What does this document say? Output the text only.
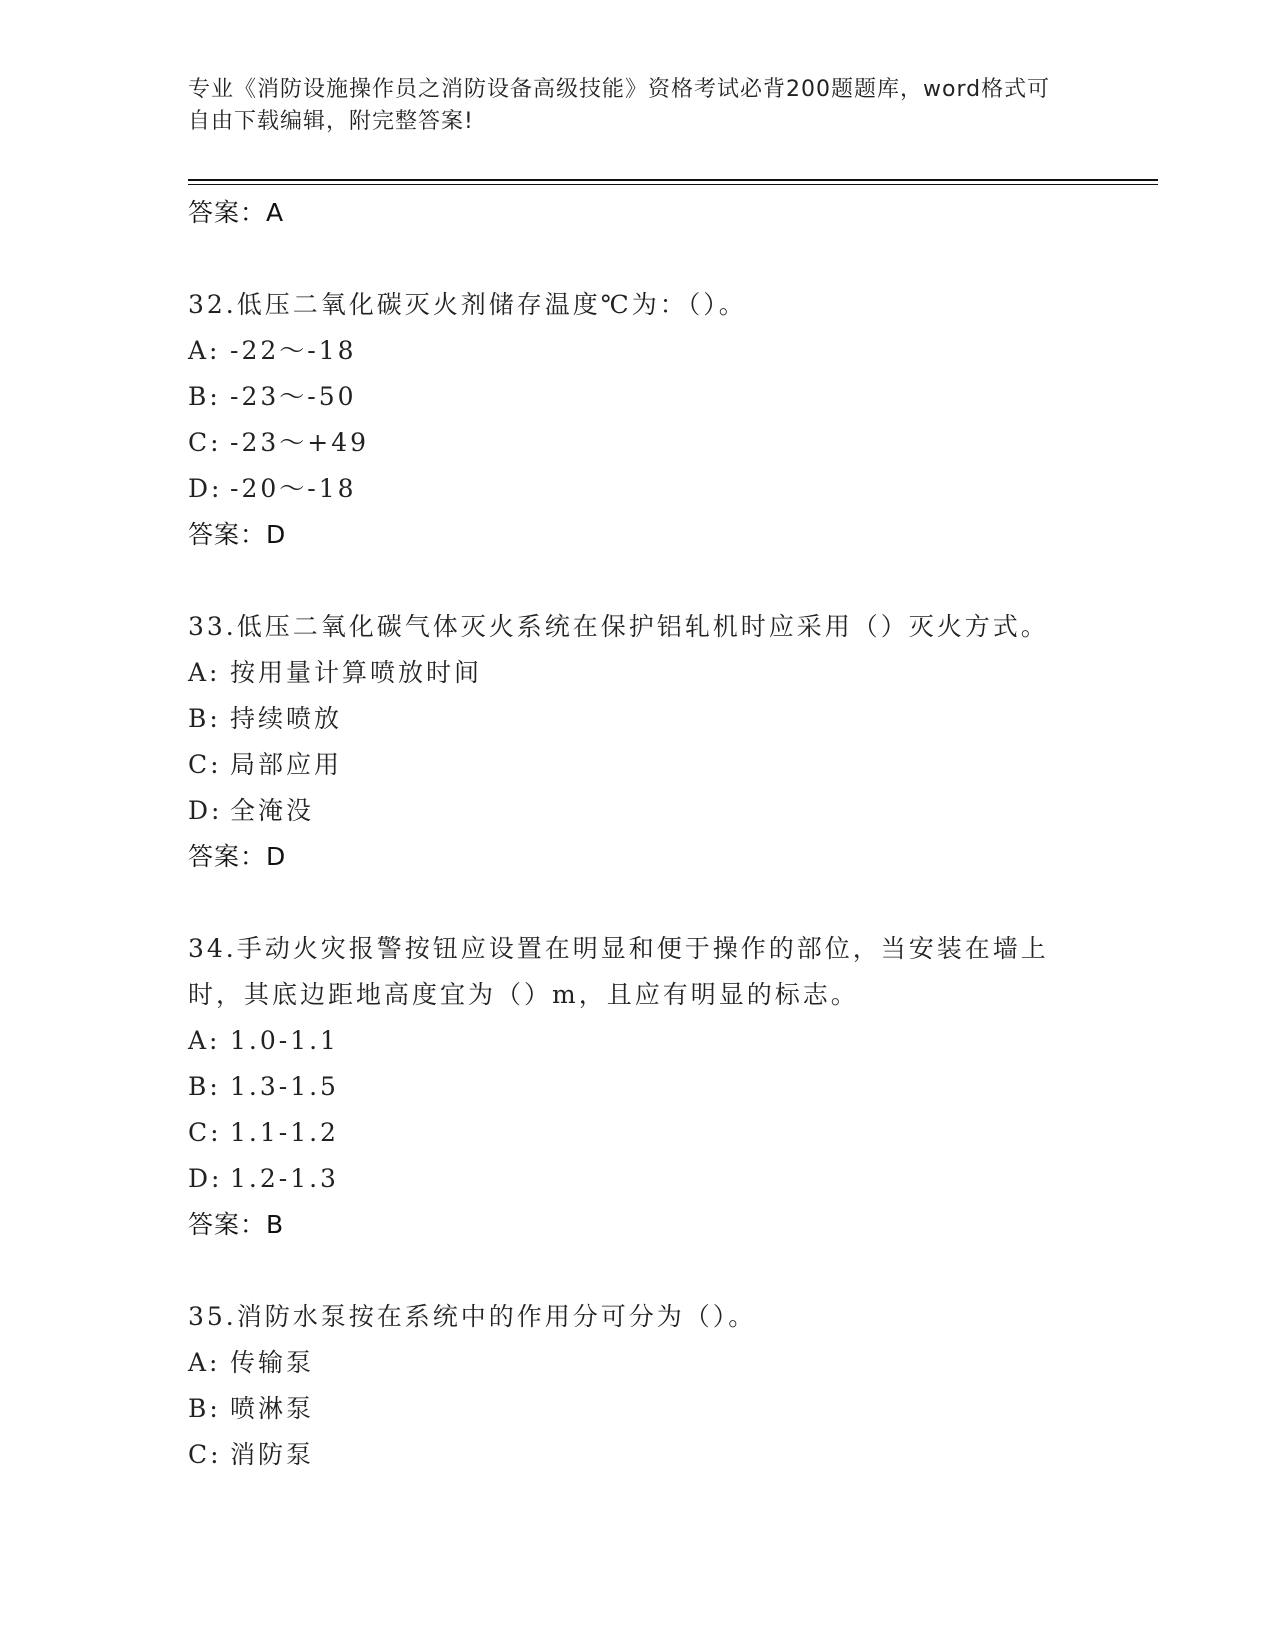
专业《消防设施操作员之消防设备高级技能》资格考试必背200题题库，word格式可自由下载编辑，附完整答案!
答案：A
32.低压二氧化碳灭火剂储存温度℃为：（）。
A: -22～-18
B: -23～-50
C: -23～+49
D: -20～-18
答案：D
33.低压二氧化碳气体灭火系统在保护铝轧机时应采用（）灭火方式。
A: 按用量计算喷放时间
B: 持续喷放
C: 局部应用
D: 全淹没
答案：D
34.手动火灾报警按钮应设置在明显和便于操作的部位，当安装在墙上时，其底边距地高度宜为（）m，且应有明显的标志。
A: 1.0-1.1
B: 1.3-1.5
C: 1.1-1.2
D: 1.2-1.3
答案：B
35.消防水泵按在系统中的作用分可分为（）。
A: 传输泵
B: 喷淋泵
C: 消防泵
